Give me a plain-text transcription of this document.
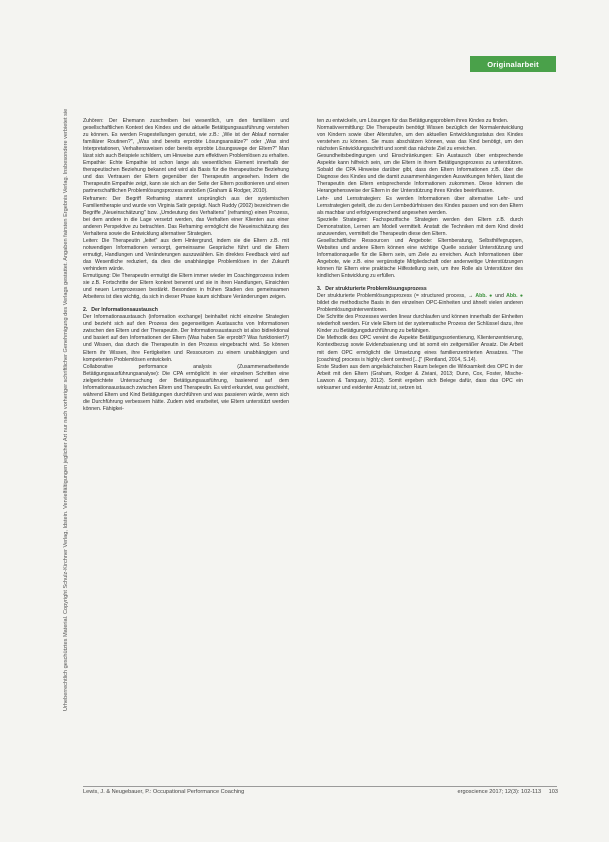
Originalarbeit
Urheberrechtlich geschütztes Material. Copyright Schulz-Kirchner Verlag, Idstein. Vervielfältigungen jeglicher Art nur nach vorheriger schriftlicher Genehmigung des Verlags gestattet. Angaben fairsten Ergebnis Verlag. Insbesondere verbietet sie	Zuhören: Der Ehemann zuschreiben bei wesentlich, um den familiären und gesellschaftlichen Kontext des Kindes und die aktuelle Betätigungsausführung verstehen zu können. Es werden Fragestellungen genutzt, wie z.B.: „Wie ist der Ablauf normaler familiärer Routinen?", „Was sind bereits erprobte Lösungsansätze?" oder „Was sind Interpretationen, Verhaltensweisen oder bereits erprobte Lösungswege der Eltern?" Man lässt sich auch Beispiele schildern, um Hinweise zum effektiven Problemlösen zu erhalten.

Empathie: Echte Empathie ist schon lange als wesentliches Element innerhalb der therapeutischen Beziehung bekannt und wird als Basis für die therapeutische Beziehung und das Vertrauen der Eltern gegenüber der Therapeutin angesehen. Indem die Therapeutin Empathie zeigt, kann sie sich an der Seite der Eltern positionieren und einen partnerschaftlichen Problemlösungsprozess anstoßen (Graham & Rodger, 2010).

Reframen: Der Begriff Reframing stammt ursprünglich aus der systemischen Familientherapie und wurde von Virginia Satir geprägt. Nach Ruddy (2002) bezeichnen die Begriffe „Neueinschätzung" bzw. „Umdeutung des Verhaltens" (reframing) einen Prozess, bei dem andere in die Lage versetzt werden, das Verhalten einer Klienten aus einer anderen Perspektive zu betrachten. Das Reframing ermöglicht die Neueinschätzung des Verhaltens sowie die Entwicklung alternativer Strategien.

Leiten: Die Therapeutin „leitet" aus dem Hintergrund, indem sie die Eltern z.B. mit notwendigen Informationen versorgt, gemeinsame Gespräche führt und die Eltern ermutigt, Handlungen und Veränderungen auszuwählen. Ein direktes Feedback wird auf das Wesentliche reduziert, da dies die unabhängige Problemlösen in der Zukunft verhindern würde.

Ermutigung: Die Therapeutin ermutigt die Eltern immer wieder im Coachingprozess indem sie z.B. Fortschritte der Eltern konkret benennt und sie in ihren Handlungen, Einsichten und neuen Lernprozessen bestärkt. Besonders in frühen Stadien des gemeinsamen Arbeitens ist dies wichtig, da sich in dieser Phase kaum sichtbare Veränderungen zeigen.

2. Der Informationsaustausch

Der Informationsaustausch (information exchange) beinhaltet nicht einzelne Strategien und bezieht sich auf den Prozess des gegenseitigen Austauschs von Informationen zwischen den Eltern und der Therapeutin. Der Informationsaustausch ist also bidirektional und basiert auf den Informationen der Eltern (Was haben Sie erprobt? Was funktioniert?) und Wissen, das durch die Therapeutin in den Prozess eingebracht wird. So können Eltern ihr Wissen, ihre Fertigkeiten und Ressourcen zu einem unabhängigen und kompetenten Problemlösen entwickeln.

Collaborative performance analysis (Zusammenarbeitende Betätigungsausführungsanalyse): Die CPA ermöglicht in vier einzelnen Schritten eine zielgerichtete Untersuchung der Betätigungsausführung, basierend auf dem Informationsaustausch zwischen Eltern und Therapeutin. Es wird erkundet, was geschieht, während Eltern und Kind Betätigungen durchführen und was passieren würde, wenn sich die Durchführung verbessern hätte. Zudem wird erarbeitet, wie Eltern unterstützt werden können. Fähigkei-

ten zu entwickeln, um Lösungen für das Betätigungsproblem ihres Kindes zu finden.

Normativvermittlung: Die Therapeutin benötigt Wissen bezüglich der Normalentwicklung von Kindern sowie über Alterstufen, um den aktuellen Entwicklungsstatus des Kindes verstehen zu können. Sie muss abschätzen können, was das Kind benötigt, um den nächsten Entwicklungsschritt und somit das nächste Ziel zu erreichen.

Gesundheitsbedingungen und Einschränkungen: Ein Austausch über entsprechende Aspekte kann hilfreich sein, um die Eltern in ihrem Betätigungsprozess zu unterstützen. Sobald die CPA Hinweise darüber gibt, dass den Eltern Informationen z.B. über die Diagnose des Kindes und die damit zusammenhängenden Auswirkungen fehlen, lässt die Therapeutin den Eltern entsprechende Informationen zukommen. Diese können die Herangehensweise der Eltern in der Unterstützung ihres Kindes beeinflussen.

Lehr- und Lernstrategien: Es werden Informationen über alternative Lehr- und Lernstrategien geteilt, die zu den Lernbedürfnissen des Kindes passen und von den Eltern als machbar und erfolgversprechend angesehen werden.

Spezielle Strategien: Fachspezifische Strategien werden den Eltern z.B. durch Demonstration, Lernen am Modell vermittelt. Anstatt die Techniken mit dem Kind direkt anzuwenden, vermittelt die Therapeutin diese den Eltern.

Gesellschaftliche Ressourcen und Angebote: Elternberatung, Selbsthilfegruppen, Websites und andere Eltern können eine wichtige Quelle sozialer Unterstützung und Informationsquelle für die Eltern sein, um Ziele zu erreichen. Auch Informationen über Angebote, wie z.B. eine vergünstigte Mitgliedschaft oder anderweitige Unterstützungen können für Eltern eine praktische Hilfestellung sein, um ihre Rolle als Unterstützer des kindlichen Entwicklung zu erfüllen.

3. Der strukturierte Problemlösungsprozess

Der strukturierte Problemlösungsprozess (= structured process, → Abb. ● und Abb. ● bildet die methodische Basis in den einzelnen OPC-Einheiten und ähnelt vielen anderen Problemlösungsinterventionen.

Die Schritte des Prozesses werden linear durchlaufen und können innerhalb der Einheiten wiederholt werden. Für viele Eltern ist der systematische Prozess der Schlüssel dazu, ihre Kinder zu Betätigungsdurchführung zu befähigen.

Die Methodik des OPC vereint die Aspekte Betätigungsorientierung, Klientenzentrierung, Kontextbezug sowie Evidenzbasierung und ist somit ein zeitgemäßer Ansatz. Die Arbeit mit dem OPC ermöglicht die Umsetzung eines familienzentrierten Ansatzes. "The [coaching] process is highly client centred [...]" (Rentland, 2014, S.14).

Erste Studien aus dem angelsächsischen Raum belegen die Wirksamkeit des OPC in der Arbeit mit den Eltern (Graham, Rodger & Ziviani, 2013; Dunn, Cox, Foster, Mische-Lawson & Tanquary, 2012). Somit ergeben sich Belege dafür, dass das OPC ein wirksamer und evidenter Ansatz ist, setzen ist.

Lewis, J. & Neugebauer, P.: Occupational Performance Coaching	ergoscience 2017; 12(3): 102-113 103
